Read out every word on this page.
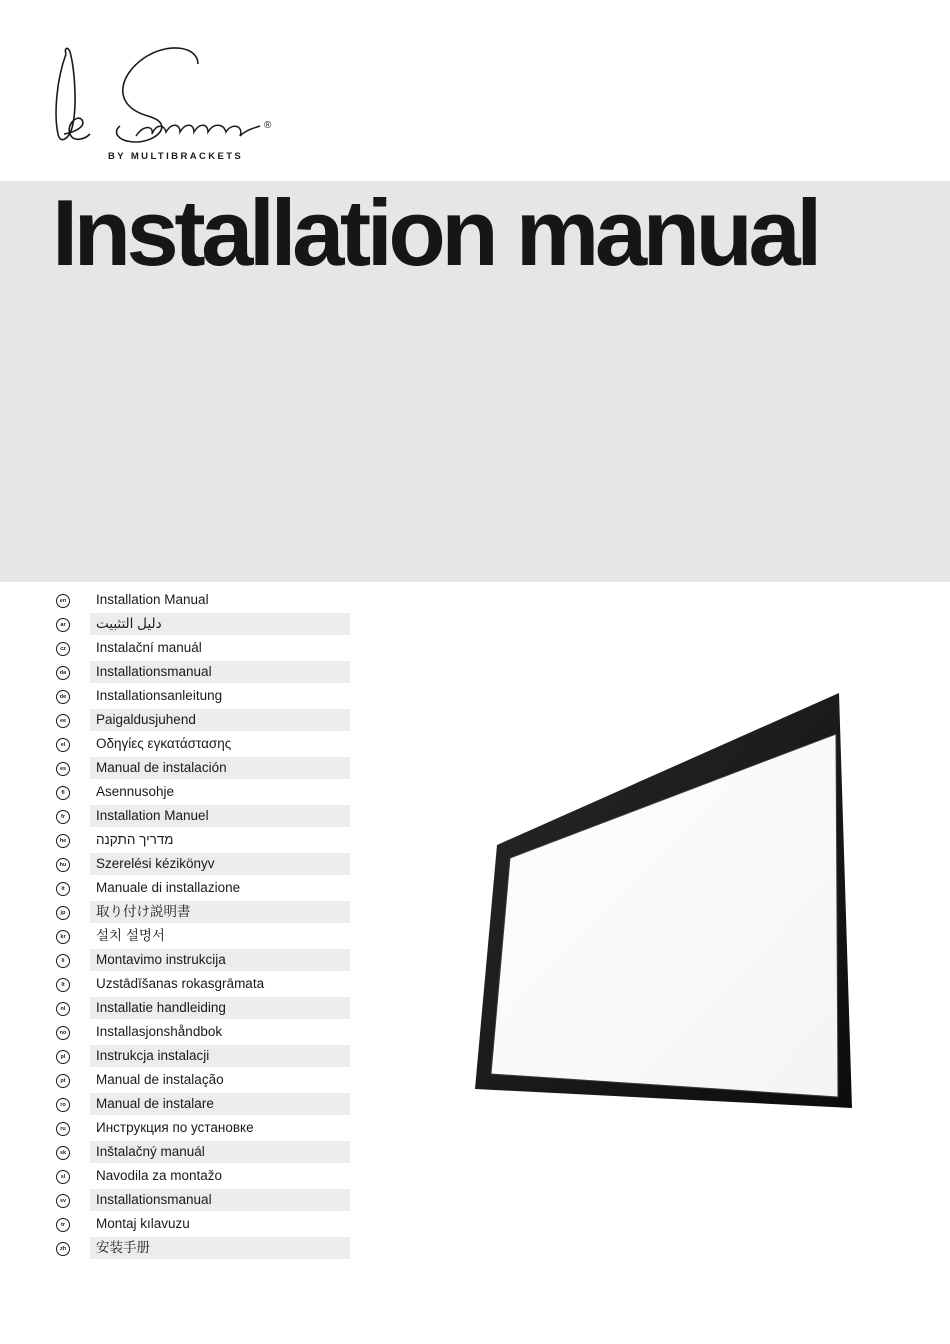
®
BY MULTIBRACKETS
Installation manual
en	Installation Manual
ar	دليل التثبيت
cz	Instalační manuál
da	Installationsmanual
de	Installationsanleitung
ee	Paigaldusjuhend
el	Οδηγίες εγκατάστασης
es	Manual de instalación
fi	Asennusohje
fr	Installation Manuel
he	מדריך התקנה
hu	Szerelési kézikönyv
it	Manuale di installazione
jp	取り付け説明書
kr	설치 설명서
li	Montavimo instrukcija
lt	Uzstādīšanas rokasgrāmata
nl	Installatie handleiding
no	Installasjonshåndbok
pl	Instrukcja instalacji
pt	Manual de instalação
ro	Manual de instalare
ru	Инструкция по установке
sk	Inštalačný manuál
sl	Navodila za montažo
sv	Installationsmanual
tr	Montaj kılavuzu
zh	安装手册
